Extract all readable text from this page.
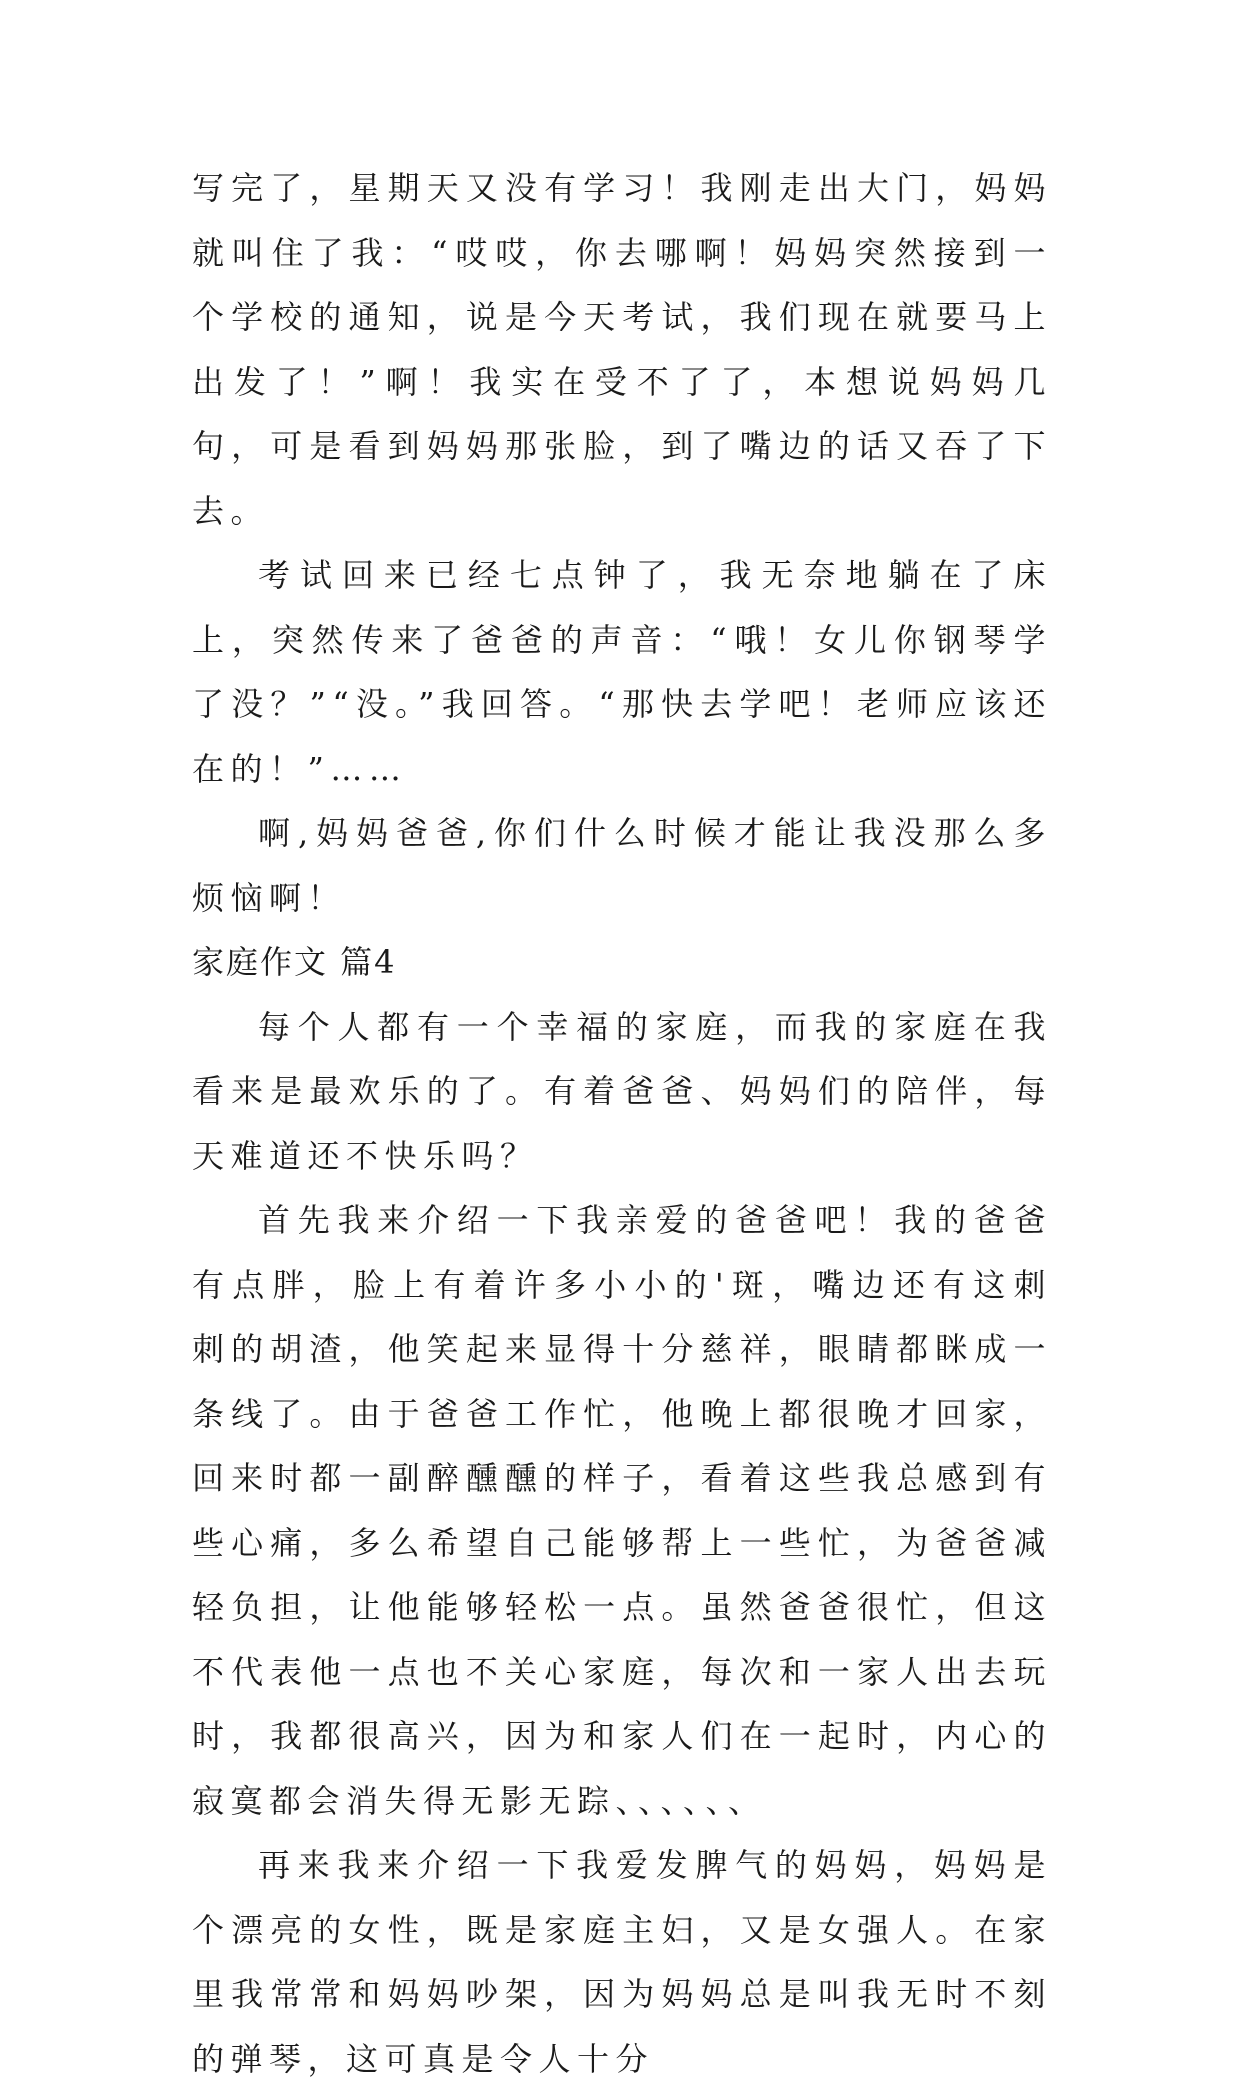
写完了，星期天又没有学习！我刚走出大门，妈妈就叫住了我：“哎哎，你去哪啊！妈妈突然接到一个学校的通知，说是今天考试，我们现在就要马上出发了！”啊！我实在受不了了，本想说妈妈几句，可是看到妈妈那张脸，到了嘴边的话又吞了下去。

考试回来已经七点钟了，我无奈地躺在了床上，突然传来了爸爸的声音：“哦！女儿你钢琴学了没？”“没。”我回答。“那快去学吧！老师应该还在的！”……

啊,妈妈爸爸,你们什么时候才能让我没那么多烦恼啊！

家庭作文 篇4

每个人都有一个幸福的家庭，而我的家庭在我看来是最欢乐的了。有着爸爸、妈妈们的陪伴，每天难道还不快乐吗？

首先我来介绍一下我亲爱的爸爸吧！我的爸爸有点胖，脸上有着许多小小的'斑，嘴边还有这刺刺的胡渣，他笑起来显得十分慈祥，眼睛都眯成一条线了。由于爸爸工作忙，他晚上都很晚才回家，回来时都一副醉醺醺的样子，看着这些我总感到有些心痛，多么希望自己能够帮上一些忙，为爸爸减轻负担，让他能够轻松一点。虽然爸爸很忙，但这不代表他一点也不关心家庭，每次和一家人出去玩时，我都很高兴，因为和家人们在一起时，内心的寂寞都会消失得无影无踪、、、、、、

再来我来介绍一下我爱发脾气的妈妈，妈妈是个漂亮的女性，既是家庭主妇，又是女强人。在家里我常常和妈妈吵架，因为妈妈总是叫我无时不刻的弹琴，这可真是令人十分
